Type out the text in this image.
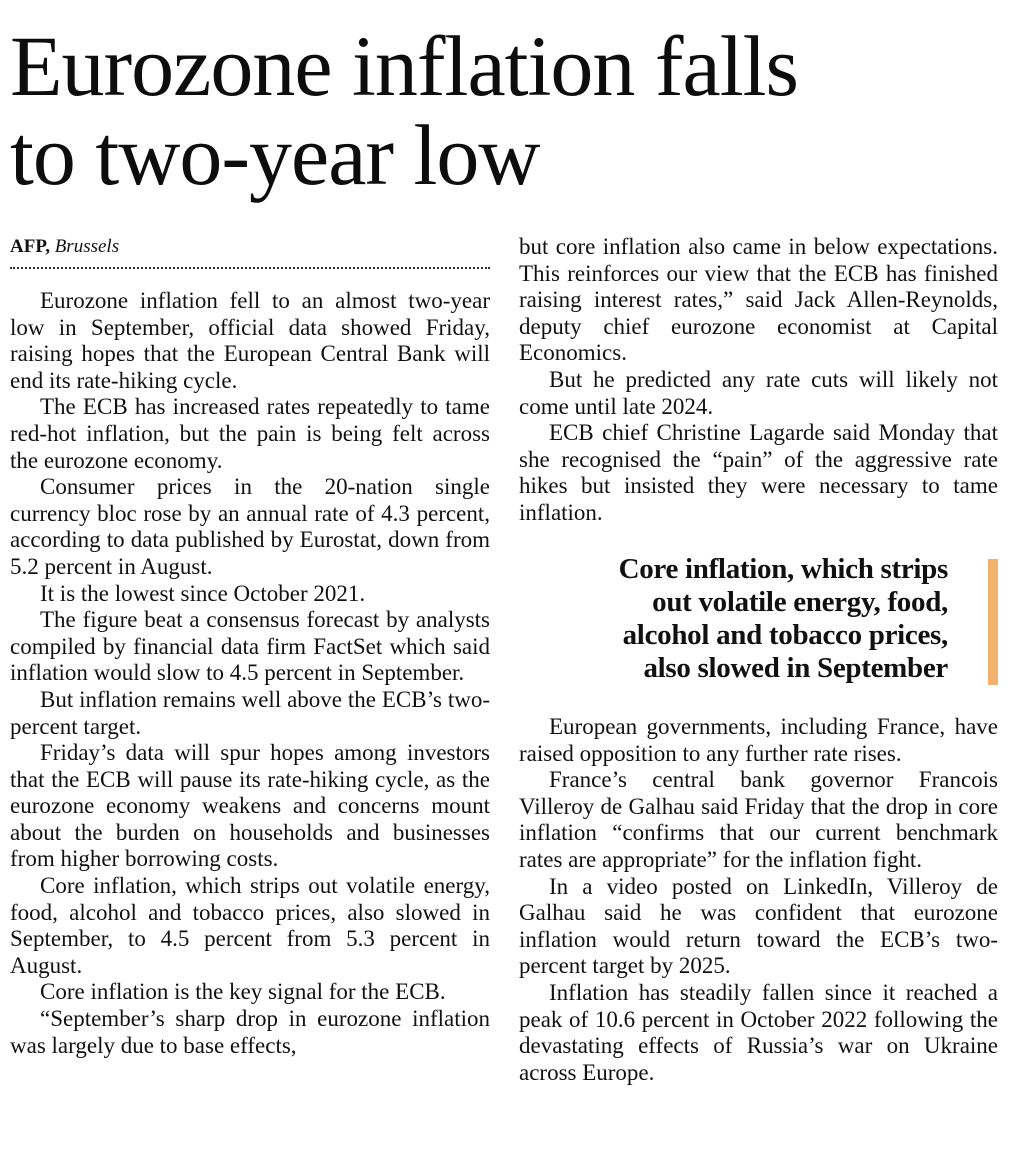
Eurozone inflation falls
to two-year low
AFP, Brussels

Eurozone inflation fell to an almost two-year low in September, official data showed Friday, raising hopes that the European Central Bank will end its rate-hiking cycle.

The ECB has increased rates repeatedly to tame red-hot inflation, but the pain is being felt across the eurozone economy.

Consumer prices in the 20-nation single currency bloc rose by an annual rate of 4.3 percent, according to data published by Eurostat, down from 5.2 percent in August.

It is the lowest since October 2021.

The figure beat a consensus forecast by analysts compiled by financial data firm FactSet which said inflation would slow to 4.5 percent in September.

But inflation remains well above the ECB’s two-percent target.

Friday’s data will spur hopes among investors that the ECB will pause its rate-hiking cycle, as the eurozone economy weakens and concerns mount about the burden on households and businesses from higher borrowing costs.

Core inflation, which strips out volatile energy, food, alcohol and tobacco prices, also slowed in September, to 4.5 percent from 5.3 percent in August.

Core inflation is the key signal for the ECB.

“September’s sharp drop in eurozone inflation was largely due to base effects,

but core inflation also came in below expectations. This reinforces our view that the ECB has finished raising interest rates,” said Jack Allen-Reynolds, deputy chief eurozone economist at Capital Economics.

But he predicted any rate cuts will likely not come until late 2024.

ECB chief Christine Lagarde said Monday that she recognised the “pain” of the aggressive rate hikes but insisted they were necessary to tame inflation.

Core inflation, which strips
out volatile energy, food,
alcohol and tobacco prices,
also slowed in September

European governments, including France, have raised opposition to any further rate rises.

France’s central bank governor Francois Villeroy de Galhau said Friday that the drop in core inflation “confirms that our current benchmark rates are appropriate” for the inflation fight.

In a video posted on LinkedIn, Villeroy de Galhau said he was confident that eurozone inflation would return toward the ECB’s two-percent target by 2025.

Inflation has steadily fallen since it reached a peak of 10.6 percent in October 2022 following the devastating effects of Russia’s war on Ukraine across Europe.
